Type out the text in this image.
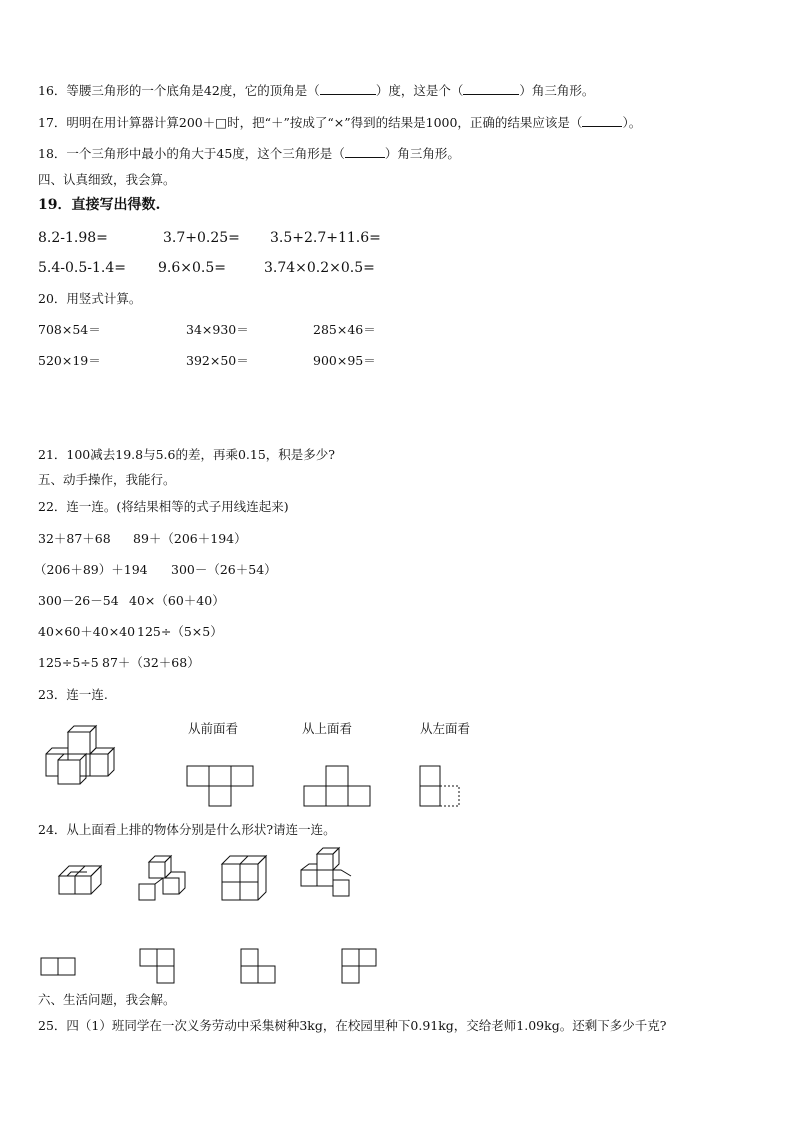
16．等腰三角形的一个底角是42度，它的顶角是（	）度，这是个（	）角三角形。
17．明明在用计算器计算200＋□时，把“＋”按成了“×”得到的结果是1000，正确的结果应该是（	）。
18．一个三角形中最小的角大于45度，这个三角形是（	）角三角形。
四、认真细致，我会算。
19．直接写出得数.
8.2-1.98=	3.7+0.25= 3.5+2.7+11.6=
5.4-0.5-1.4= 9.6×0.5=	3.74×0.2×0.5=
20．用竖式计算。
708×54＝	34×930＝	285×46＝
520×19＝	392×50＝	900×95＝
21．100减去19.8与5.6的差，再乘0.15，积是多少?
五、动手操作，我能行。
22．连一连。(将结果相等的式子用线连起来)
32＋87＋68 89＋（206＋194）
（206＋89）＋194 300－（26＋54）
300－26－54 40×（60＋40）
40×60＋40×40 125÷（5×5）
125÷5÷5 87＋（32＋68）
23．连一连.
从前面看	从上面看	从左面看
24．从上面看上排的物体分别是什么形状?请连一连。
六、生活问题，我会解。
25．四（1）班同学在一次义务劳动中采集树种3kg，在校园里种下0.91kg，交给老师1.09kg。还剩下多少千克?
